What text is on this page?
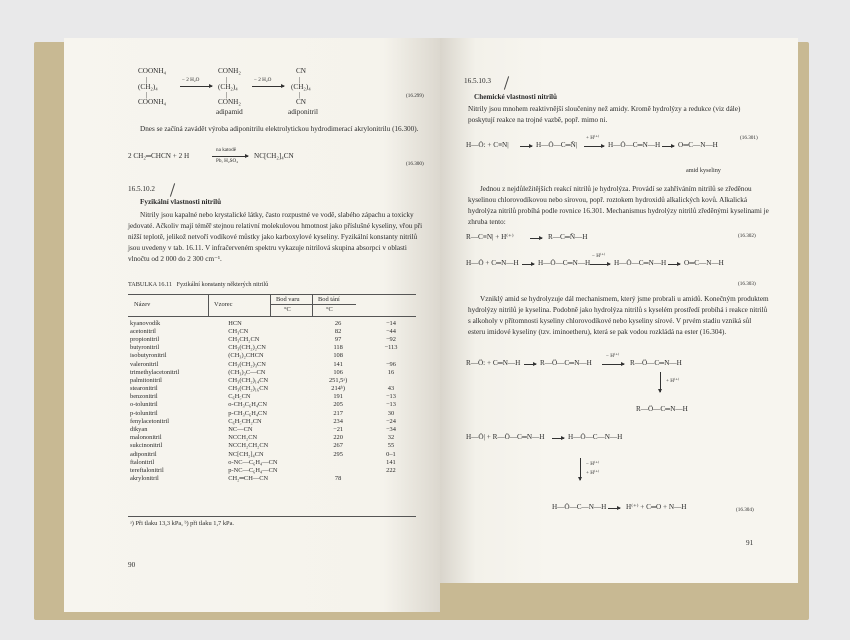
COONH₄
|
(CH₂)₄
|
COONH₄
− 2 H₂O
CONH₂
|
(CH₂)₄
|
CONH₂
adipamid
− 2 H₂O
CN
|
(CH₂)₄
|
CN
adiponitril
(16.299)
Dnes se začíná zavádět výroba adiponitrilu elektrolytickou hydrodimerací akrylonitrilu (16.300).
2 CH₂═CHCN + 2 H
na katodě
Pb, H₂SO₄
NC[CH₂]₄CN
(16.300)
16.5.10.2
Fyzikální vlastnosti nitrilů
Nitrily jsou kapalné nebo krystalické látky, často rozpustné ve vodě, slabého zápachu a toxicky jedovaté. Ačkoliv mají téměř stejnou relativní molekulovou hmotnost jako příslušné kyseliny, vřou při nižší teplotě, jelikož netvoří vodíkové můstky jako karboxylové kyseliny. Fyzikální konstanty nitrilů jsou uvedeny v tab. 16.11. V infračerveném spektru vykazuje nitrilová skupina absorpci v oblasti vlnočtu od 2 000 do 2 300 cm⁻¹.
TABULKA 16.11 Fyzikální konstanty některých nitrilů
Název	Vzorec
Bod varu
°C
Bod tání
°C
kyanovodík	HCN	26	−14
acetonitril	CH₃CN	82	−44
propionitril	CH₃CH₂CN	97	−92
butyronitril	CH₃(CH₂)₂CN	118	−113
isobutyronitril	(CH₃)₂CHCN	108	
valeronitril	CH₃(CH₂)₃CN	141	−96
trimethylacetonitril	(CH₃)₃C—CN	106	16
palmitonitril	CH₃(CH₂)₁₄CN	251,5ᵃ)	
stearonitril	CH₃(CH₂)₁₆CN	214ᵇ)	43
benzonitril	C₆H₅CN	191	−13
o-tolunitril	o-CH₃C₆H₄CN	205	−13
p-tolunitril	p-CH₃C₆H₄CN	217	30
fenylacetonitril	C₆H₅CH₂CN	234	−24
dikyan	NC—CN	−21	−34
malononitril	NCCH₂CN	220	32
sukcinonitril	NCCH₂CH₂CN	267	55
adiponitril	NC[CH₂]₄CN	295	0–1
ftalonitril	o-NC—C₆H₄—CN		141
tereftalonitril	p-NC—C₆H₄—CN		222
akrylonitril	CH₂═CH—CN	78	
ᵃ) Při tlaku 13,3 kPa, ᵇ) při tlaku 1,7 kPa.
90
16.5.10.3
Chemické vlastnosti nitrilů
Nitrily jsou mnohem reaktivnější sloučeniny než amidy. Kromě hydrolýzy a redukce (viz dále) poskytují reakce na trojné vazbě, popř. mimo ni.
H—Ö: + C≡N|	H—Ö—C═N̄|
+ H⁽⁺⁾
H—Ö—C═N—H O═C—N—H
amid kyseliny
(16.301)
Jednou z nejdůležitějších reakcí nitrilů je hydrolýza. Provádí se zahříváním nitrilů se zředěnou kyselinou chlorovodíkovou nebo sírovou, popř. roztokem hydroxidů alkalických kovů. Alkalická hydrolýza nitrilů probíhá podle rovnice 16.301. Mechanismus hydrolýzy nitrilů zředěnými kyselinami je zhruba tento:
R—C≡N| + H⁽⁺⁾	R—C═N̄—H	(16.302)
H—Ö + C═N—H	H—Ö—C═N—H
− H⁽⁺⁾
H—Ö—C═N—H O═C—N—H
(16.303)
Vzniklý amid se hydrolyzuje dál mechanismem, který jsme probrali u amidů. Konečným produktem hydrolýzy nitrilů je kyselina. Podobně jako hydrolýza nitrilů s kyselém prostředí probíhá i reakce nitrilů s alkoholy v přítomnosti kyseliny chlorovodíkové nebo kyseliny sírové. V prvém stadiu vzniká sůl esteru imidové kyseliny (tzv. iminoetheru), která se pak vodou rozkládá na ester (16.304).
R—Ö: + C═N—H	R—Ö—C═N—H
− H⁽⁺⁾
R—Ö—C═N—H
+ H⁽⁺⁾
R—Ö—C═N—H
H—Ö| + R—Ö—C═N—H	H—Ö—C—N—H
− H⁽⁺⁾
+ H⁽⁺⁾
H—Ö—C—N—H	H⁽⁺⁾ + C═O + N—H	(16.304)
91
